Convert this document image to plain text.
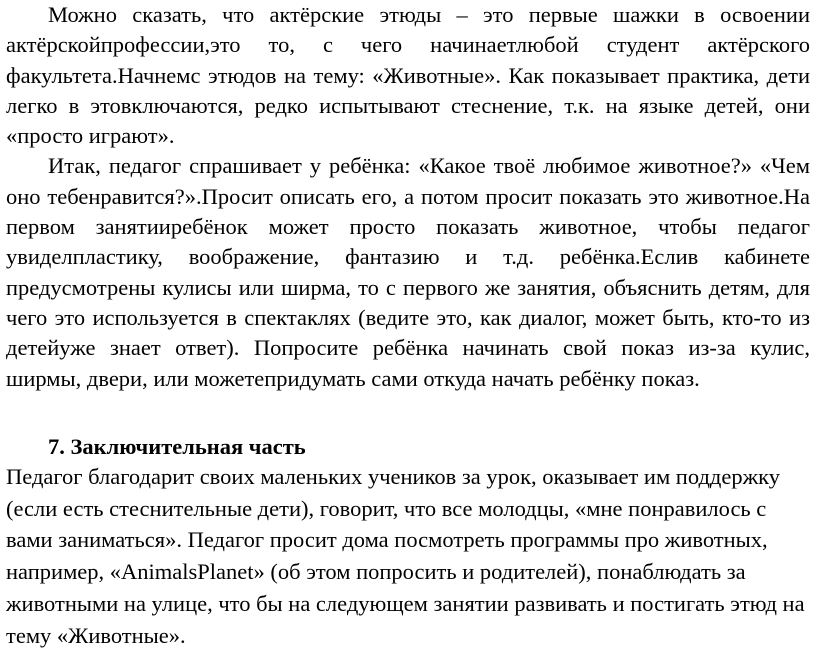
Можно сказать, что актёрские этюды – это первые шажки в освоении актёрскойпрофессии,это то, с чего начинаетлюбой студент актёрского факультета.Начнемс этюдов на тему: «Животные». Как показывает практика, дети легко в этовключаются, редко испытывают стеснение, т.к. на языке детей, они «просто играют».

Итак, педагог спрашивает у ребёнка: «Какое твоё любимое животное?» «Чем оно тебенравится?».Просит описать его, а потом просит показать это животное.На первом занятииребёнок может просто показать животное, чтобы педагог увиделпластику, воображение, фантазию и т.д. ребёнка.Еслив кабинете предусмотрены кулисы или ширма, то с первого же занятия, объяснить детям, для чего это используется в спектаклях (ведите это, как диалог, может быть, кто-то из детейуже знает ответ). Попросите ребёнка начинать свой показ из-за кулис, ширмы, двери, или можетепридумать сами откуда начать ребёнку показ.

7. Заключительная часть

Педагог благодарит своих маленьких учеников за урок, оказывает им поддержку (если есть стеснительные дети), говорит, что все молодцы, «мне понравилось с вами заниматься». Педагог просит дома посмотреть программы про животных, например, «AnimalsPlanet» (об этом попросить и родителей), понаблюдать за животными на улице, что бы на следующем занятии развивать и постигать этюд на тему «Животные».
